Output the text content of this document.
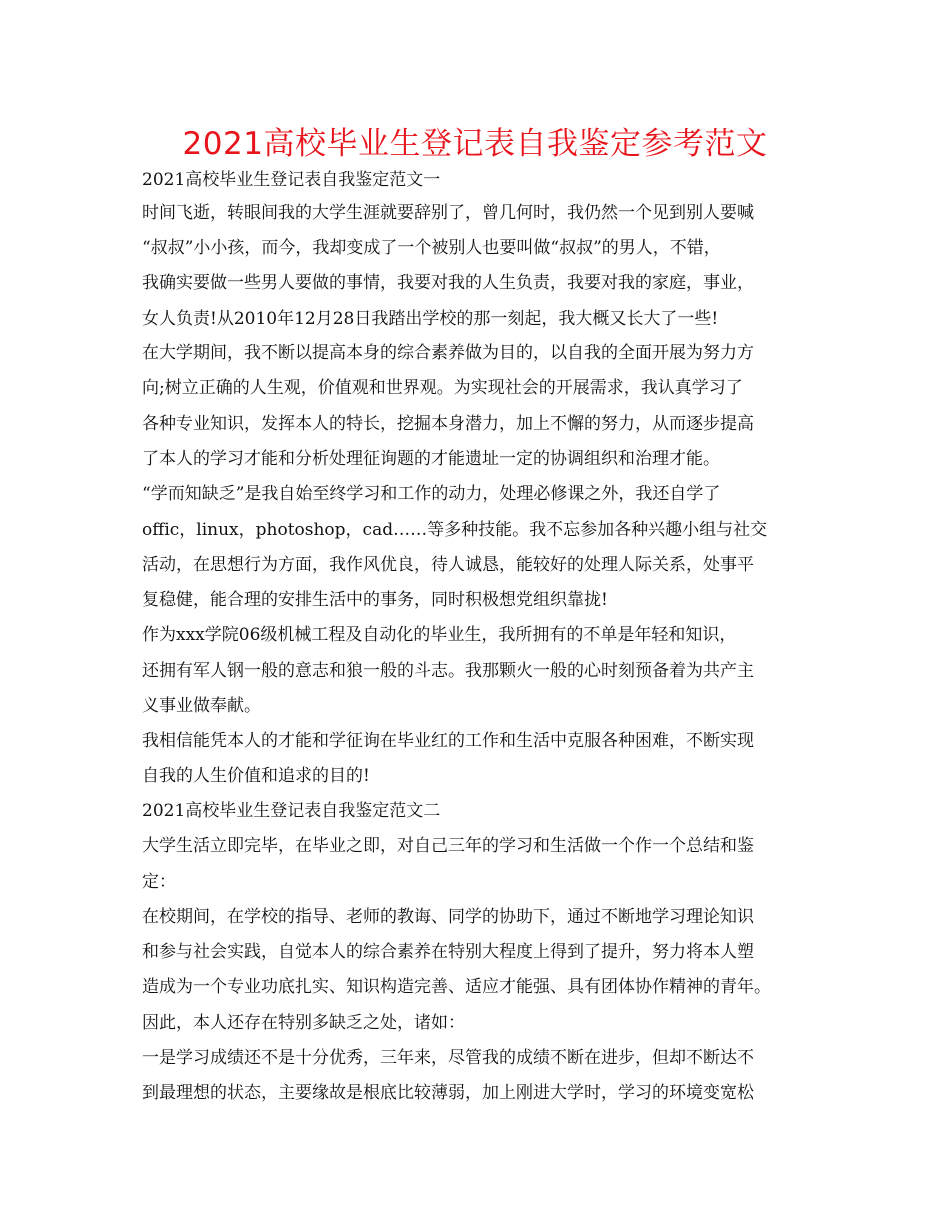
2021高校毕业生登记表自我鉴定参考范文
2021高校毕业生登记表自我鉴定范文一
时间飞逝，转眼间我的大学生涯就要辞别了，曾几何时，我仍然一个见到别人要喊
“叔叔”小小孩，而今，我却变成了一个被别人也要叫做“叔叔”的男人，不错，
我确实要做一些男人要做的事情，我要对我的人生负责，我要对我的家庭，事业，
女人负责!从2010年12月28日我踏出学校的那一刻起，我大概又长大了一些!
在大学期间，我不断以提高本身的综合素养做为目的，以自我的全面开展为努力方
向;树立正确的人生观，价值观和世界观。为实现社会的开展需求，我认真学习了
各种专业知识，发挥本人的特长，挖掘本身潜力，加上不懈的努力，从而逐步提高
了本人的学习才能和分析处理征询题的才能遗址一定的协调组织和治理才能。
“学而知缺乏”是我自始至终学习和工作的动力，处理必修课之外，我还自学了
offic，linux，photoshop，cad……等多种技能。我不忘参加各种兴趣小组与社交
活动，在思想行为方面，我作风优良，待人诚恳，能较好的处理人际关系，处事平
复稳健，能合理的安排生活中的事务，同时积极想党组织靠拢!
作为xxx学院06级机械工程及自动化的毕业生，我所拥有的不单是年轻和知识，
还拥有军人钢一般的意志和狼一般的斗志。我那颗火一般的心时刻预备着为共产主
义事业做奉献。
我相信能凭本人的才能和学征询在毕业红的工作和生活中克服各种困难，不断实现
自我的人生价值和追求的目的!
2021高校毕业生登记表自我鉴定范文二
大学生活立即完毕，在毕业之即，对自己三年的学习和生活做一个作一个总结和鉴
定：
在校期间，在学校的指导、老师的教诲、同学的协助下，通过不断地学习理论知识
和参与社会实践，自觉本人的综合素养在特别大程度上得到了提升，努力将本人塑
造成为一个专业功底扎实、知识构造完善、适应才能强、具有团体协作精神的青年。
因此，本人还存在特别多缺乏之处，诸如：
一是学习成绩还不是十分优秀，三年来，尽管我的成绩不断在进步，但却不断达不
到最理想的状态，主要缘故是根底比较薄弱，加上刚进大学时，学习的环境变宽松
